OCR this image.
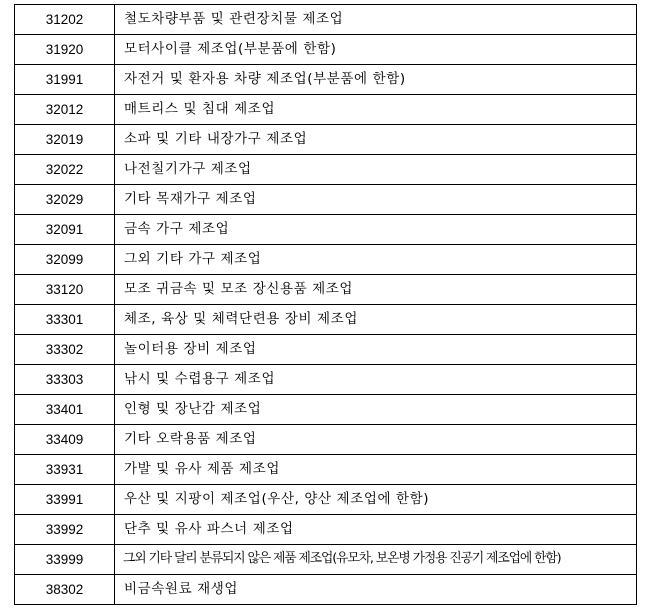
31202	철도차량부품 및 관련장치물 제조업
31920	모터사이클 제조업(부분품에 한함)
31991	자전거 및 환자용 차량 제조업(부분품에 한함)
32012	매트리스 및 침대 제조업
32019	소파 및 기타 내장가구 제조업
32022	나전칠기가구 제조업
32029	기타 목재가구 제조업
32091	금속 가구 제조업
32099	그외 기타 가구 제조업
33120	모조 귀금속 및 모조 장신용품 제조업
33301	체조, 육상 및 체력단련용 장비 제조업
33302	놀이터용 장비 제조업
33303	낚시 및 수렵용구 제조업
33401	인형 및 장난감 제조업
33409	기타 오락용품 제조업
33931	가발 및 유사 제품 제조업
33991	우산 및 지팡이 제조업(우산, 양산 제조업에 한함)
33992	단추 및 유사 파스너 제조업
33999	그외 기타 달리 분류되지 않은 제품 제조업(유모차, 보온병 가정용 진공기 제조업에 한함)
38302	비금속원료 재생업
